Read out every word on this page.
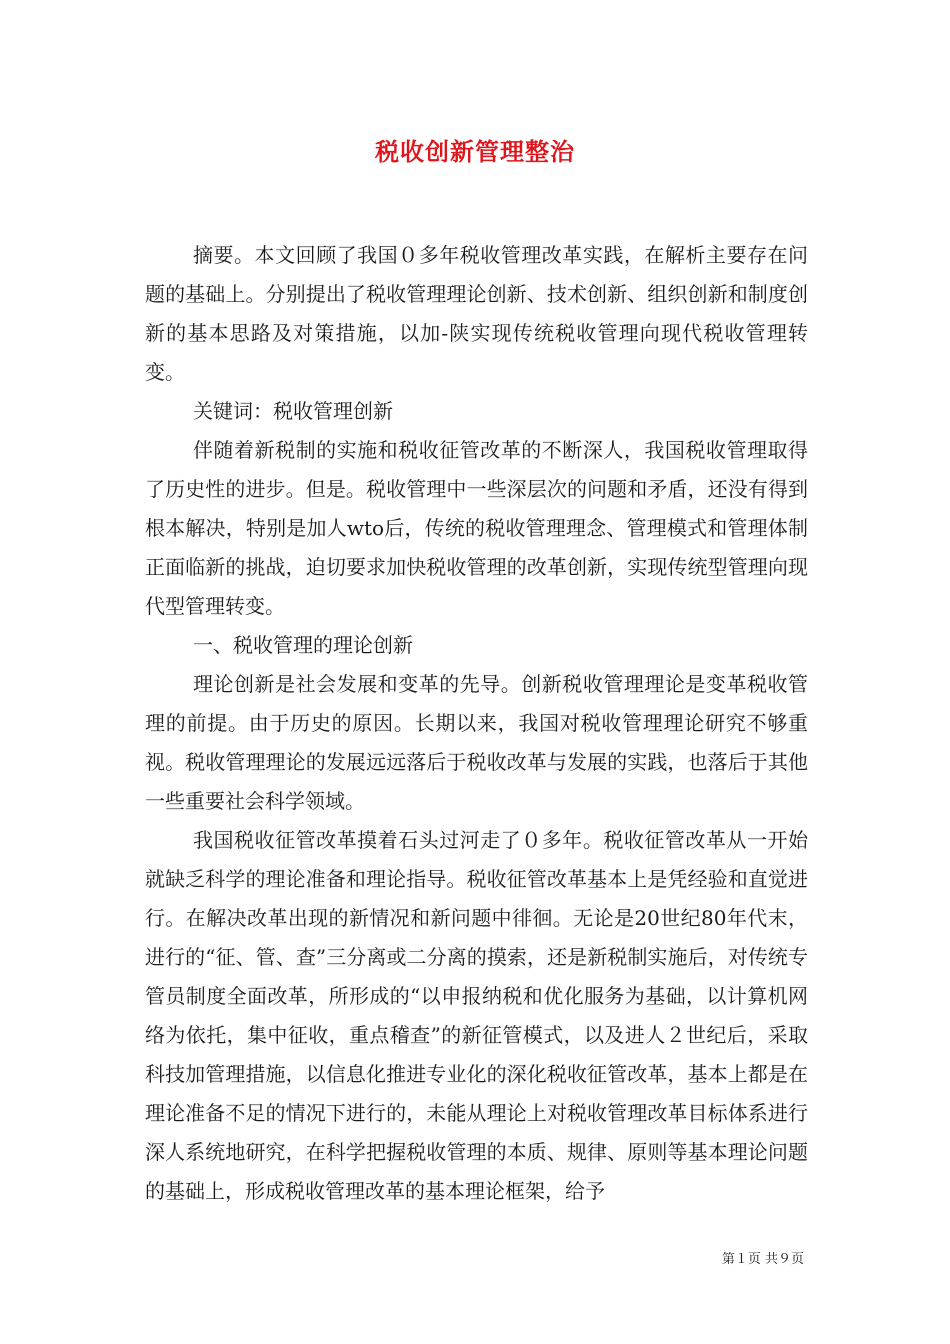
税收创新管理整治

摘要。本文回顾了我国０多年税收管理改革实践，在解析主要存在问题的基础上。分别提出了税收管理理论创新、技术创新、组织创新和制度创新的基本思路及对策措施，以加-陕实现传统税收管理向现代税收管理转变。

关键词：税收管理创新

伴随着新税制的实施和税收征管改革的不断深人，我国税收管理取得了历史性的进步。但是。税收管理中一些深层次的问题和矛盾，还没有得到根本解决，特别是加人wto后，传统的税收管理理念、管理模式和管理体制正面临新的挑战，迫切要求加快税收管理的改革创新，实现传统型管理向现代型管理转变。

一、税收管理的理论创新

理论创新是社会发展和变革的先导。创新税收管理理论是变革税收管理的前提。由于历史的原因。长期以来，我国对税收管理理论研究不够重视。税收管理理论的发展远远落后于税收改革与发展的实践，也落后于其他一些重要社会科学领域。

我国税收征管改革摸着石头过河走了０多年。税收征管改革从一开始就缺乏科学的理论准备和理论指导。税收征管改革基本上是凭经验和直觉进行。在解决改革出现的新情况和新问题中徘徊。无论是20世纪80年代末，进行的“征、管、查”三分离或二分离的摸索，还是新税制实施后，对传统专管员制度全面改革，所形成的“以申报纳税和优化服务为基础，以计算机网络为依托，集中征收，重点稽查”的新征管模式，以及进人２世纪后，采取科技加管理措施，以信息化推进专业化的深化税收征管改革，基本上都是在理论准备不足的情况下进行的，未能从理论上对税收管理改革目标体系进行深人系统地研究，在科学把握税收管理的本质、规律、原则等基本理论问题的基础上，形成税收管理改革的基本理论框架，给予

第１页 共９页
